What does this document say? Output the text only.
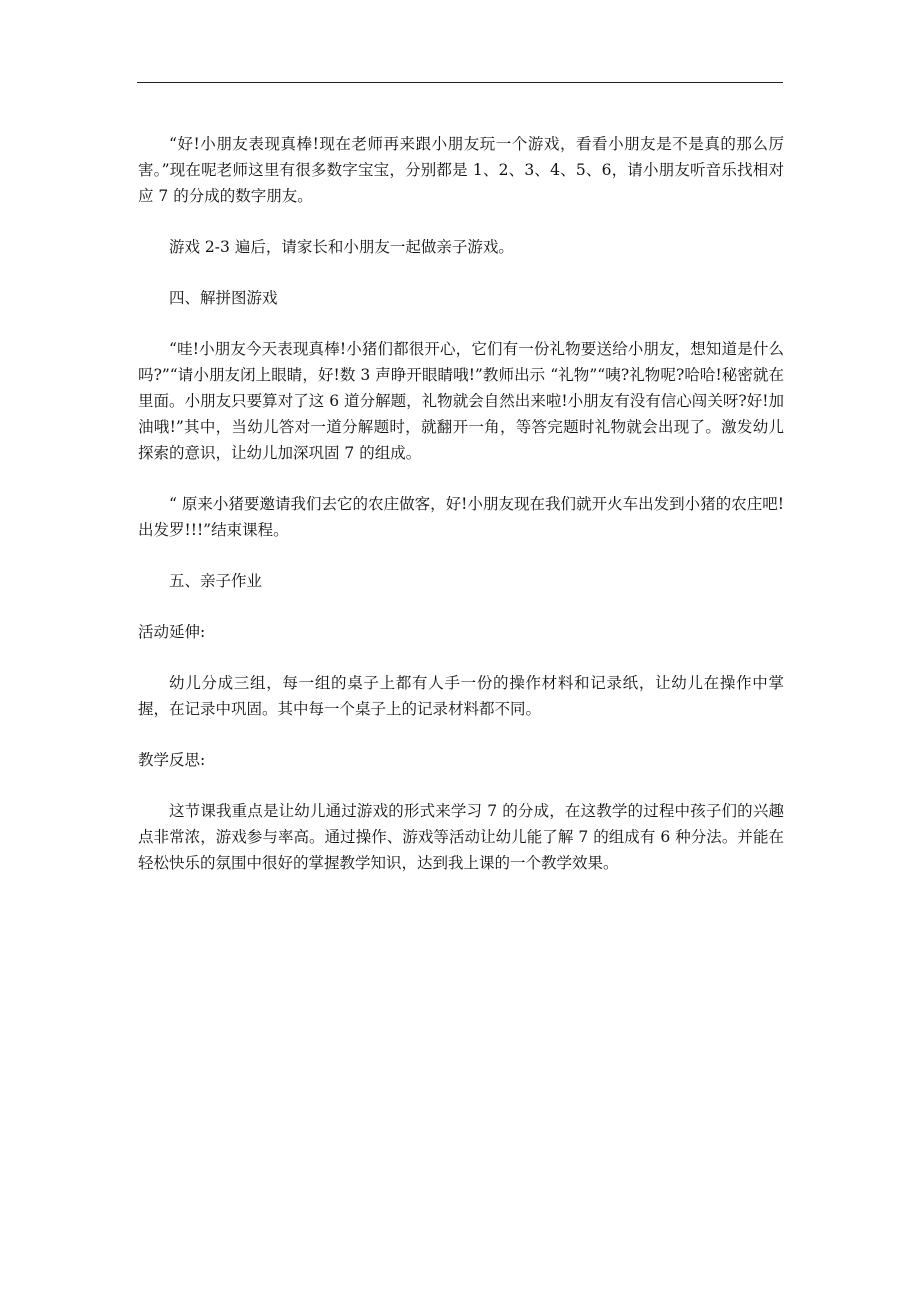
“好!小朋友表现真棒!现在老师再来跟小朋友玩一个游戏，看看小朋友是不是真的那么厉害。”现在呢老师这里有很多数字宝宝，分别都是 1、2、3、4、5、6，请小朋友听音乐找相对应 7 的分成的数字朋友。

游戏 2-3 遍后，请家长和小朋友一起做亲子游戏。

四、解拼图游戏

“哇!小朋友今天表现真棒!小猪们都很开心，它们有一份礼物要送给小朋友，想知道是什么吗?”“请小朋友闭上眼睛，好!数 3 声睁开眼睛哦!”教师出示 “礼物”“咦?礼物呢?哈哈!秘密就在里面。小朋友只要算对了这 6 道分解题，礼物就会自然出来啦!小朋友有没有信心闯关呀?好!加油哦!”其中，当幼儿答对一道分解题时，就翻开一角，等答完题时礼物就会出现了。激发幼儿探索的意识，让幼儿加深巩固 7 的组成。

“ 原来小猪要邀请我们去它的农庄做客，好!小朋友现在我们就开火车出发到小猪的农庄吧!出发罗!!!”结束课程。

五、亲子作业

活动延伸:

幼儿分成三组，每一组的桌子上都有人手一份的操作材料和记录纸，让幼儿在操作中掌握，在记录中巩固。其中每一个桌子上的记录材料都不同。

教学反思:

这节课我重点是让幼儿通过游戏的形式来学习 7 的分成，在这教学的过程中孩子们的兴趣点非常浓，游戏参与率高。通过操作、游戏等活动让幼儿能了解 7 的组成有 6 种分法。并能在轻松快乐的氛围中很好的掌握教学知识，达到我上课的一个教学效果。
